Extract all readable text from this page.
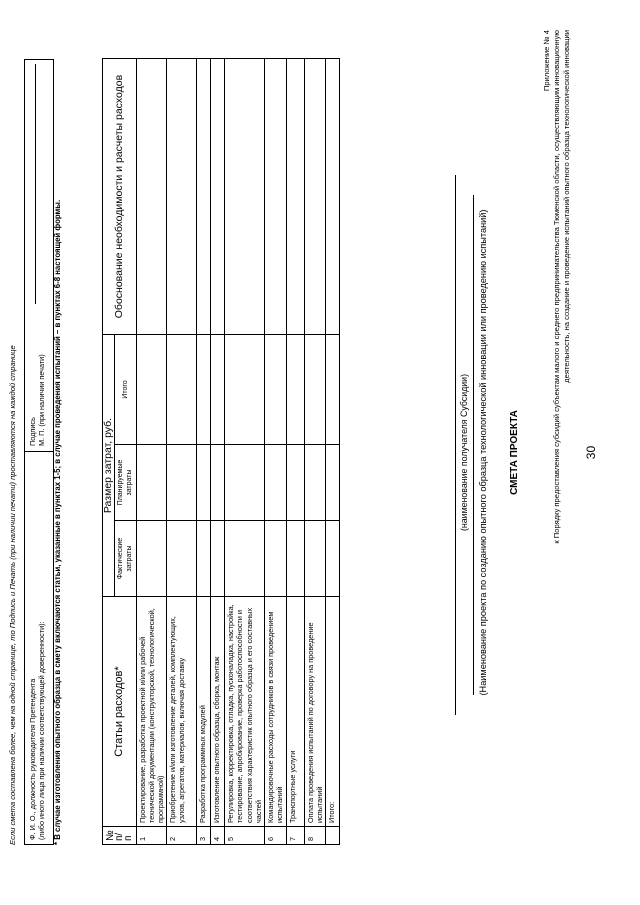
30
Приложение № 4 к Порядку предоставления субсидий субъектам малого и среднего предпринимательства Тюменской области, осуществляющим инновационную деятельность, на создание и проведение испытаний опытного образца технологической инновации
СМЕТА ПРОЕКТА
(Наименование проекта по созданию опытного образца технологической инновации или проведению испытаний)
(наименование получателя Субсидии)
№ п/п	Статьи расходов*	Размер затрат, руб.			Обоснование необходимости и расчеты расходов
		Фактические затраты	Планируемые затраты	Итого	
1	Проектирование, разработка проектной и/или рабочей технической документации (конструкторской, технологической, программной)				
2	Приобретение и/или изготовление деталей, комплектующих, узлов, агрегатов, материалов, включая доставку				
3	Разработка программных модулей				
4	Изготовление опытного образца, сборка, монтаж				
5	Регулировка, корректировка, отладка, пусконаладка, настройка, тестирование, апробирование, проверка работоспособности и соответствия характеристик опытного образца и его составных частей				
6	Командировочные расходы сотрудников в связи проведением испытаний				
7	Транспортные услуги				
8	Оплата проведения испытаний по договору на проведение испытаний				
	Итого:				
* В случае изготовления опытного образца в смету включаются статьи, указанные в пунктах 1-5; в случае проведения испытаний – в пунктах 6-8 настоящей формы.
Ф. И. О., должность руководителя Претендента (либо иного лица при наличии соответствующей доверенности):
Подпись М. П. (при наличии печати)
Если смета составлена более, чем на одной странице, то Подпись и Печать (при наличии печати) проставляются на каждой странице
